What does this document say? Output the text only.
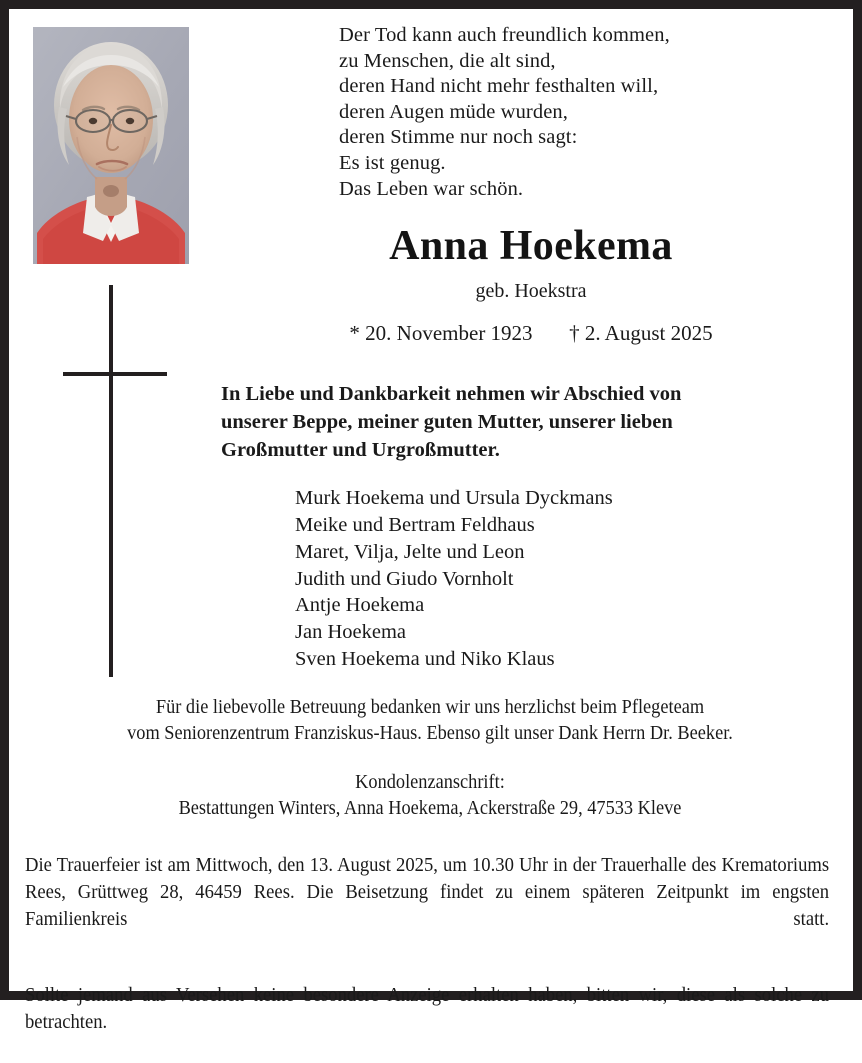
Der Tod kann auch freundlich kommen,
zu Menschen, die alt sind,
deren Hand nicht mehr festhalten will,
deren Augen müde wurden,
deren Stimme nur noch sagt:
Es ist genug.
Das Leben war schön.
Anna Hoekema
geb. Hoekstra
* 20. November 1923 † 2. August 2025
In Liebe und Dankbarkeit nehmen wir Abschied von
unserer Beppe, meiner guten Mutter, unserer lieben
Großmutter und Urgroßmutter.
Murk Hoekema und Ursula Dyckmans
Meike und Bertram Feldhaus
Maret, Vilja, Jelte und Leon
Judith und Giudo Vornholt
Antje Hoekema
Jan Hoekema
Sven Hoekema und Niko Klaus
Für die liebevolle Betreuung bedanken wir uns herzlichst beim Pflegeteam
vom Seniorenzentrum Franziskus-Haus. Ebenso gilt unser Dank Herrn Dr. Beeker.
Kondolenzanschrift:
Bestattungen Winters, Anna Hoekema, Ackerstraße 29, 47533 Kleve
Die Trauerfeier ist am Mittwoch, den 13. August 2025, um 10.30 Uhr in der Trauerhalle des Krematoriums Rees, Grüttweg 28, 46459 Rees. Die Beisetzung findet zu einem späteren Zeitpunkt im engsten Familienkreis statt.
Sollte jemand aus Versehen keine besondere Anzeige erhalten haben, bitten wir, diese als solche zu betrachten.
